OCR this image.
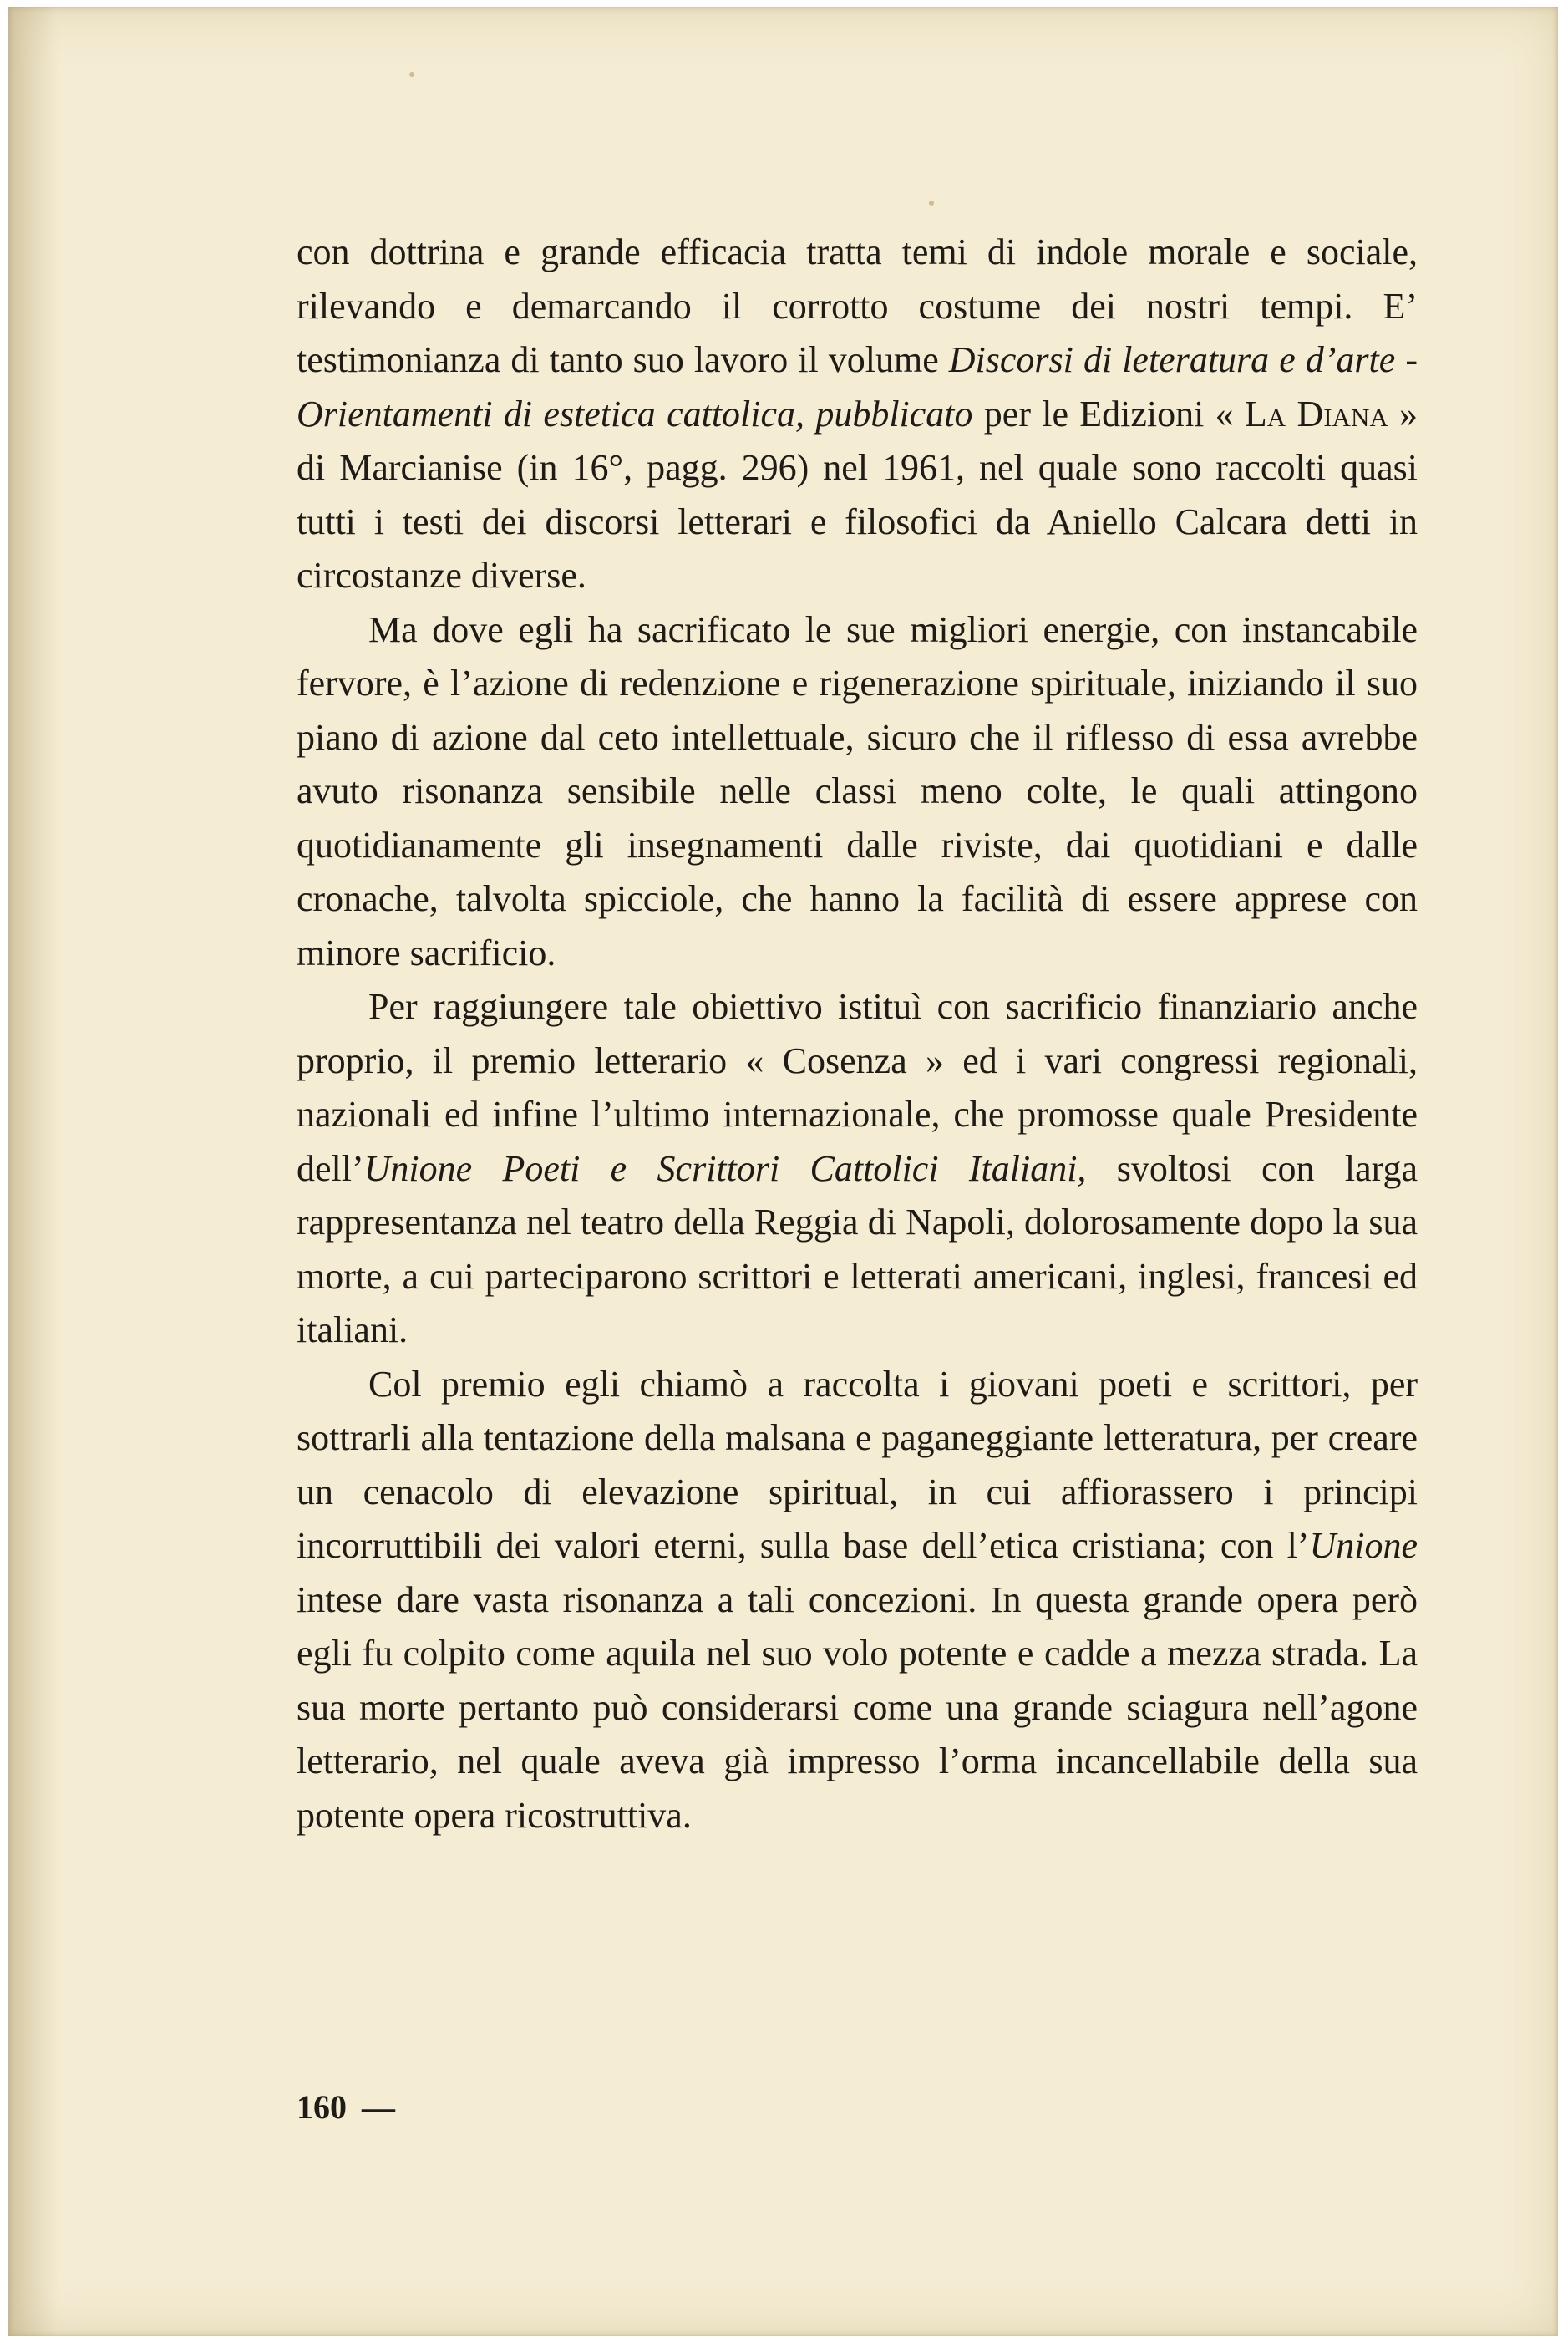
con dottrina e grande efficacia tratta temi di indole morale e sociale, rilevando e demarcando il corrotto costume dei nostri tempi. E’ testimonianza di tanto suo lavoro il volume Discorsi di leteratura e d’arte - Orientamenti di estetica cattolica, pubblicato per le Edizioni « La Diana » di Marcianise (in 16°, pagg. 296) nel 1961, nel quale sono raccolti quasi tutti i testi dei discorsi letterari e filosofici da Aniello Calcara detti in circostanze diverse.

Ma dove egli ha sacrificato le sue migliori energie, con instancabile fervore, è l’azione di redenzione e rigenerazione spirituale, iniziando il suo piano di azione dal ceto intellettuale, sicuro che il riflesso di essa avrebbe avuto risonanza sensibile nelle classi meno colte, le quali attingono quotidianamente gli insegnamenti dalle riviste, dai quotidiani e dalle cronache, talvolta spicciole, che hanno la facilità di essere apprese con minore sacrificio.

Per raggiungere tale obiettivo istituì con sacrificio finanziario anche proprio, il premio letterario « Cosenza » ed i vari congressi regionali, nazionali ed infine l’ultimo internazionale, che promosse quale Presidente dell’Unione Poeti e Scrittori Cattolici Italiani, svoltosi con larga rappresentanza nel teatro della Reggia di Napoli, dolorosamente dopo la sua morte, a cui parteciparono scrittori e letterati americani, inglesi, francesi ed italiani.

Col premio egli chiamò a raccolta i giovani poeti e scrittori, per sottrarli alla tentazione della malsana e paganeggiante letteratura, per creare un cenacolo di elevazione spiritual, in cui affiorassero i principi incorruttibili dei valori eterni, sulla base dell’etica cristiana; con l’Unione intese dare vasta risonanza a tali concezioni. In questa grande opera però egli fu colpito come aquila nel suo volo potente e cadde a mezza strada. La sua morte pertanto può considerarsi come una grande sciagura nell’agone letterario, nel quale aveva già impresso l’orma incancellabile della sua potente opera ricostruttiva.

160 —
